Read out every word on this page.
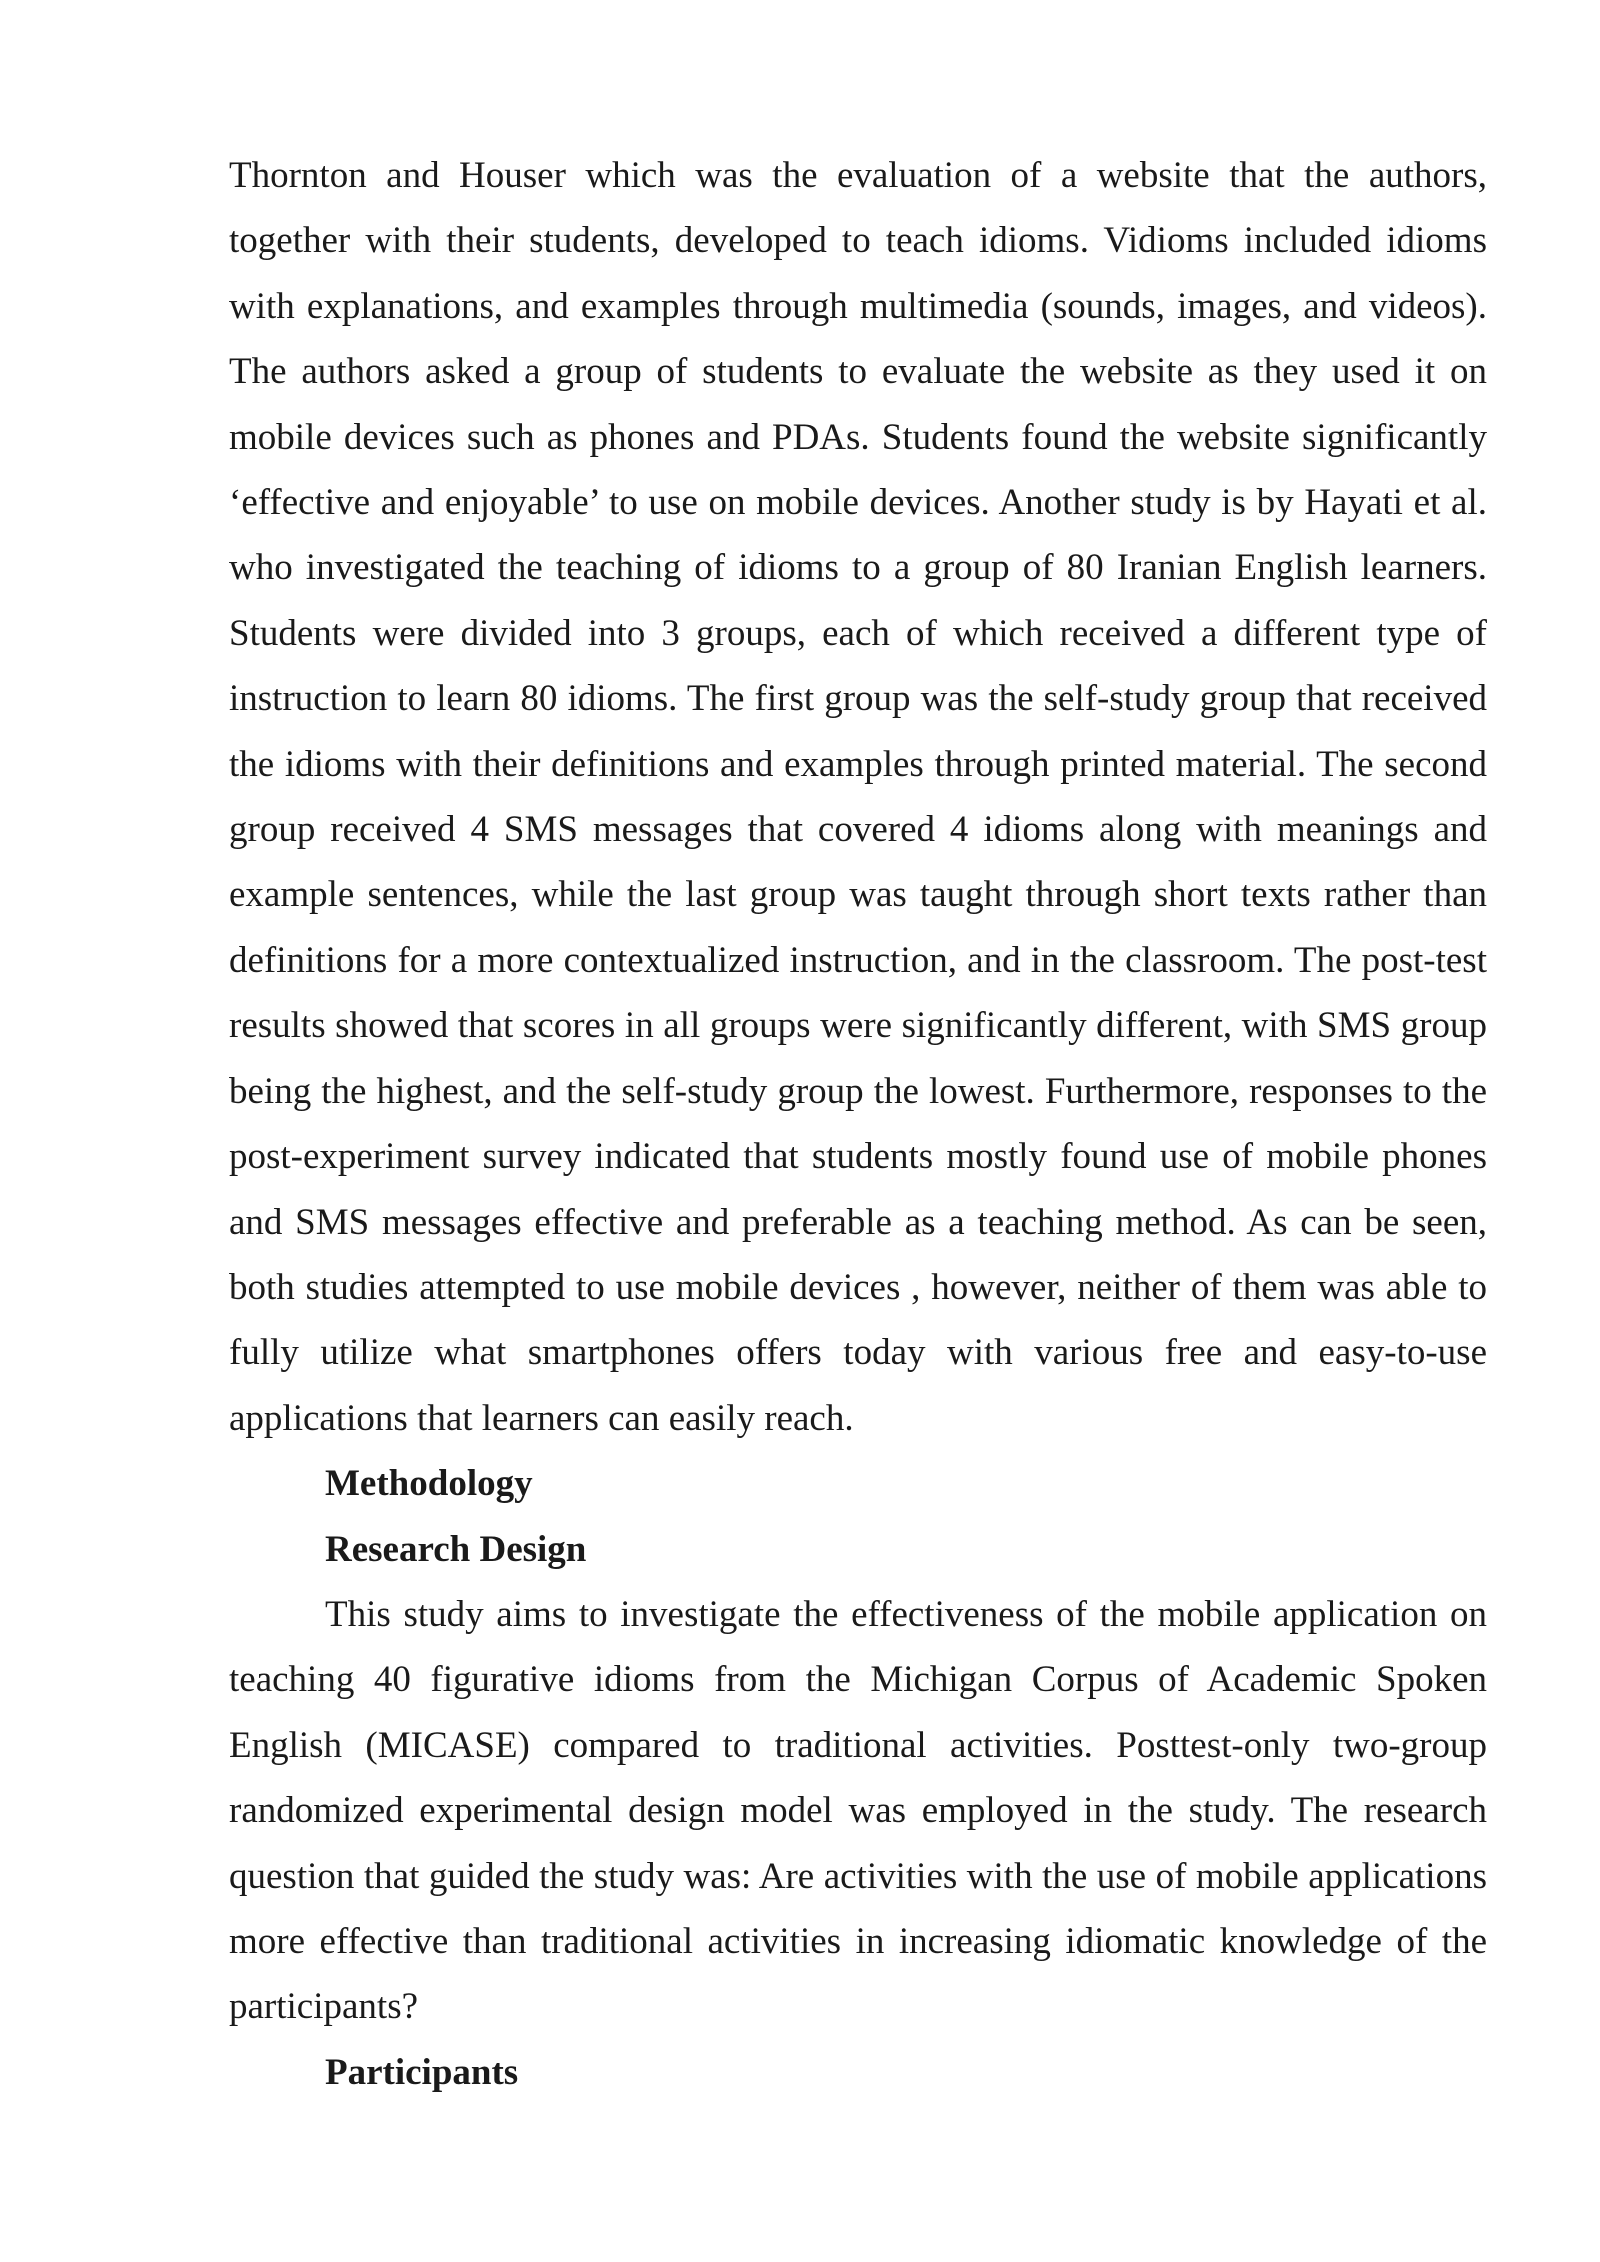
Thornton and Houser which was the evaluation of a website that the authors, together with their students, developed to teach idioms. Vidioms included idioms with explanations, and examples through multimedia (sounds, images, and videos). The authors asked a group of students to evaluate the website as they used it on mobile devices such as phones and PDAs. Students found the website significantly ‘effective and enjoyable’ to use on mobile devices. Another study is by Hayati et al. who investigated the teaching of idioms to a group of 80 Iranian English learners. Students were divided into 3 groups, each of which received a different type of instruction to learn 80 idioms. The first group was the self-study group that received the idioms with their definitions and examples through printed material. The second group received 4 SMS messages that covered 4 idioms along with meanings and example sentences, while the last group was taught through short texts rather than definitions for a more contextualized instruction, and in the classroom. The post-test results showed that scores in all groups were significantly different, with SMS group being the highest, and the self-study group the lowest. Furthermore, responses to the post-experiment survey indicated that students mostly found use of mobile phones and SMS messages effective and preferable as a teaching method. As can be seen, both studies attempted to use mobile devices , however, neither of them was able to fully utilize what smartphones offers today with various free and easy-to-use applications that learners can easily reach.

Methodology
Research Design

This study aims to investigate the effectiveness of the mobile application on teaching 40 figurative idioms from the Michigan Corpus of Academic Spoken English (MICASE) compared to traditional activities. Posttest-only two-group randomized experimental design model was employed in the study. The research question that guided the study was: Are activities with the use of mobile applications more effective than traditional activities in increasing idiomatic knowledge of the participants?

Participants
